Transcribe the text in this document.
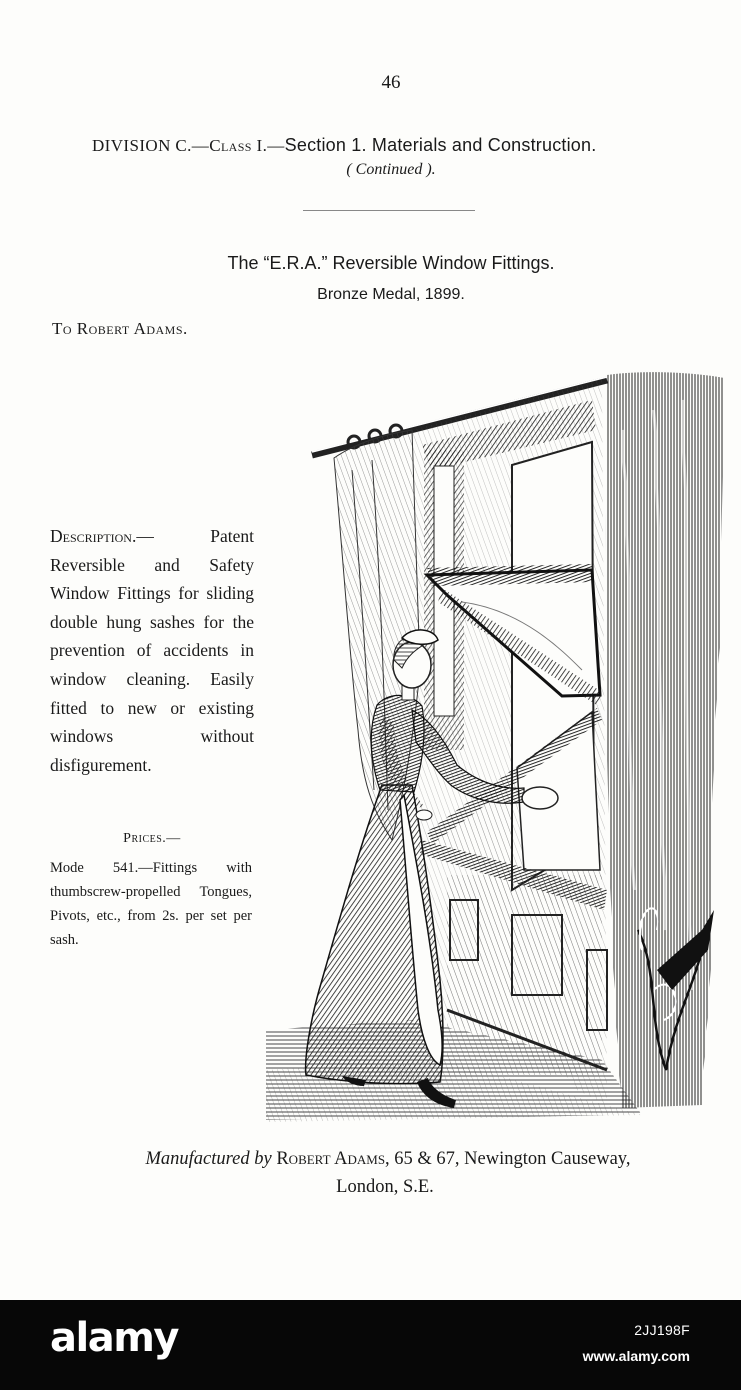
46
DIVISION C.—Class I.—Section 1. Materials and Construction.
( Continued ).
The “E.R.A.” Reversible Window Fittings.
Bronze Medal, 1899.
To Robert Adams.
Description.— Patent Reversible and Safety Window Fittings for sliding double hung sashes for the prevention of accidents in window cleaning. Easily fitted to new or existing windows without disfigurement.
Prices.—
Mode 541.—Fittings with thumbscrew-propelled Tongues, Pivots, etc., from 2s. per set per sash.
Manufactured by Robert Adams, 65 & 67, Newington Causeway,
London, S.E.
alamy	2JJ198F
www.alamy.com
